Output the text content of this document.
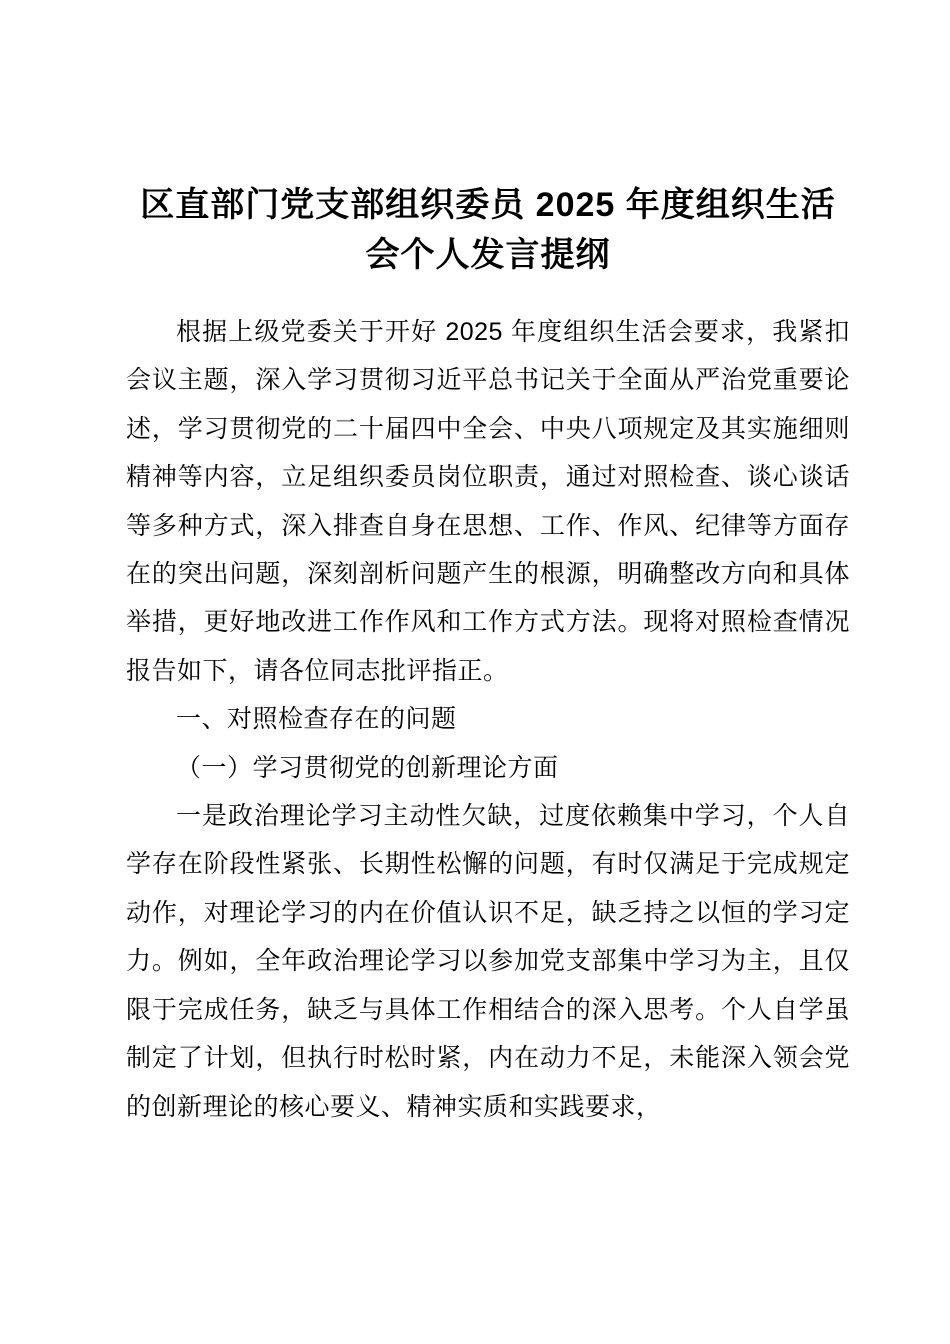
区直部门党支部组织委员 2025 年度组织生活会个人发言提纲

根据上级党委关于开好 2025 年度组织生活会要求，我紧扣会议主题，深入学习贯彻习近平总书记关于全面从严治党重要论述，学习贯彻党的二十届四中全会、中央八项规定及其实施细则精神等内容，立足组织委员岗位职责，通过对照检查、谈心谈话等多种方式，深入排查自身在思想、工作、作风、纪律等方面存在的突出问题，深刻剖析问题产生的根源，明确整改方向和具体举措，更好地改进工作作风和工作方式方法。现将对照检查情况报告如下，请各位同志批评指正。

一、对照检查存在的问题

（一）学习贯彻党的创新理论方面

一是政治理论学习主动性欠缺，过度依赖集中学习，个人自学存在阶段性紧张、长期性松懈的问题，有时仅满足于完成规定动作，对理论学习的内在价值认识不足，缺乏持之以恒的学习定力。例如，全年政治理论学习以参加党支部集中学习为主，且仅限于完成任务，缺乏与具体工作相结合的深入思考。个人自学虽制定了计划，但执行时松时紧，内在动力不足，未能深入领会党的创新理论的核心要义、精神实质和实践要求，
